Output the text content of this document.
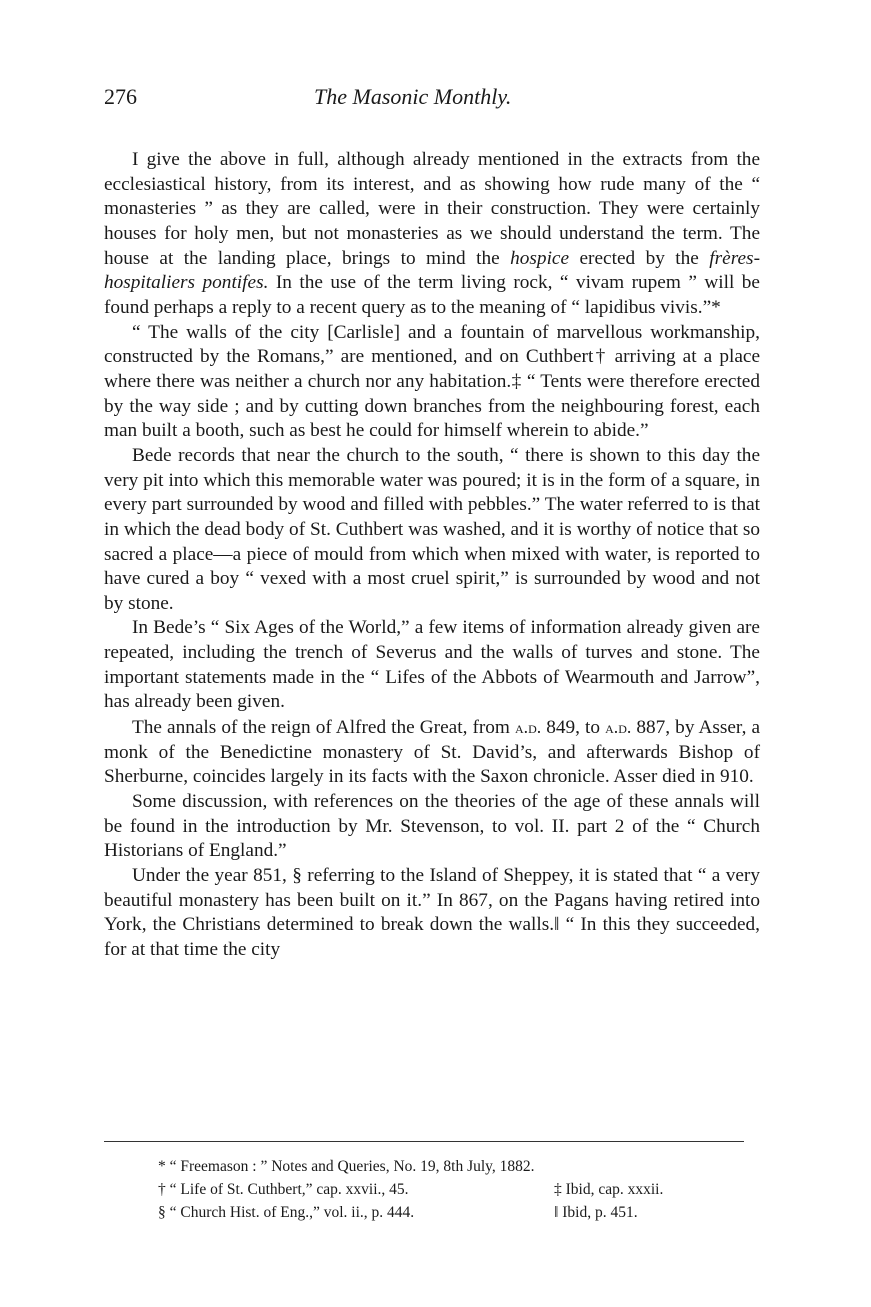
276	The Masonic Monthly.

I give the above in full, although already mentioned in the extracts from the ecclesiastical history, from its interest, and as showing how rude many of the “ monasteries ” as they are called, were in their construction. They were certainly houses for holy men, but not monasteries as we should understand the term. The house at the landing place, brings to mind the hospice erected by the frères-hospitaliers pontifes. In the use of the term living rock, “ vivam rupem ” will be found perhaps a reply to a recent query as to the meaning of “ lapidibus vivis.”*

“ The walls of the city [Carlisle] and a fountain of marvellous workmanship, constructed by the Romans,” are mentioned, and on Cuthbert† arriving at a place where there was neither a church nor any habitation.‡ “ Tents were therefore erected by the way side ; and by cutting down branches from the neighbouring forest, each man built a booth, such as best he could for himself wherein to abide.”

Bede records that near the church to the south, “ there is shown to this day the very pit into which this memorable water was poured; it is in the form of a square, in every part surrounded by wood and filled with pebbles.” The water referred to is that in which the dead body of St. Cuthbert was washed, and it is worthy of notice that so sacred a place—a piece of mould from which when mixed with water, is reported to have cured a boy “ vexed with a most cruel spirit,” is surrounded by wood and not by stone.

In Bede’s “ Six Ages of the World,” a few items of information already given are repeated, including the trench of Severus and the walls of turves and stone. The important statements made in the “ Lifes of the Abbots of Wearmouth and Jarrow”, has already been given.

The annals of the reign of Alfred the Great, from a.d. 849, to a.d. 887, by Asser, a monk of the Benedictine monastery of St. David’s, and afterwards Bishop of Sherburne, coincides largely in its facts with the Saxon chronicle. Asser died in 910.

Some discussion, with references on the theories of the age of these annals will be found in the introduction by Mr. Stevenson, to vol. II. part 2 of the “ Church Historians of England.”

Under the year 851, § referring to the Island of Sheppey, it is stated that “ a very beautiful monastery has been built on it.” In 867, on the Pagans having retired into York, the Christians determined to break down the walls.‖ “ In this they succeeded, for at that time the city

* “ Freemason : ” Notes and Queries, No. 19, 8th July, 1882.
† “ Life of St. Cuthbert,” cap. xxvii., 45.	‡ Ibid, cap. xxxii.
§ “ Church Hist. of Eng.,” vol. ii., p. 444.	‖ Ibid, p. 451.
